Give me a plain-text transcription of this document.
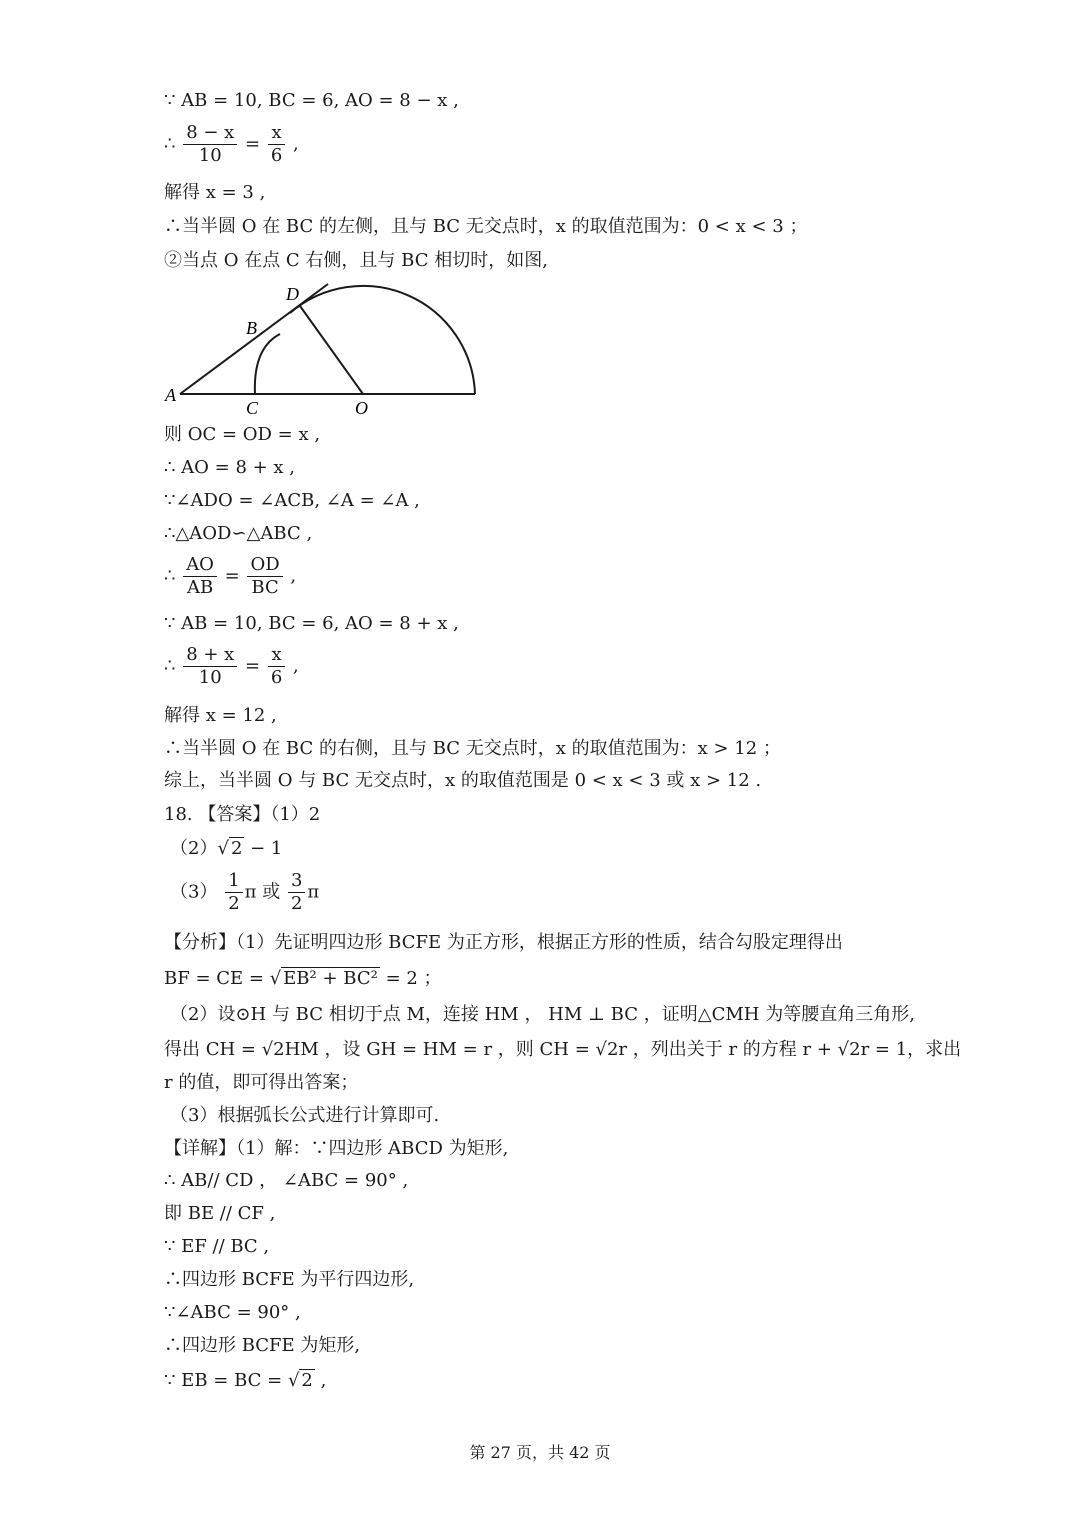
∵ AB = 10, BC = 6, AO = 8 − x ,
∴ $\frac{8 - x}{10} = \frac{x}{6}$ ,
解得 x = 3 ,
∴当半圆 O 在 BC 的左侧，且与 BC 无交点时，x 的取值范围为：0 < x < 3 ；
②当点 O 在点 C 右侧，且与 BC 相切时，如图,
A
B
C
D
O
则 OC = OD = x ,
∴ AO = 8 + x ,
∵∠ADO = ∠ACB, ∠A = ∠A ,
∴△AOD∽△ABC ,
∴ $\frac{AO}{AB} = \frac{OD}{BC}$ ,
∵ AB = 10, BC = 6, AO = 8 + x ,
∴ $\frac{8 + x}{10} = \frac{x}{6}$ ,
解得 x = 12 ,
∴当半圆 O 在 BC 的右侧，且与 BC 无交点时，x 的取值范围为：x > 12 ；
综上，当半圆 O 与 BC 无交点时，x 的取值范围是 0 < x < 3 或 x > 12 .
18. 【答案】（1）2
（2）√ 2 − 1
$(3) \frac{1}{2}$ π 或 $\frac{3}{2}$ π
【分析】（1）先证明四边形 BCFE 为正方形，根据正方形的性质，结合勾股定理得出
BF = CE = √ EB² + BC² = 2 ；
（2）设⊙H 与 BC 相切于点 M，连接 HM ， HM ⊥ BC ，证明△CMH 为等腰直角三角形,
得出 CH = √2HM ，设 GH = HM = r ，则 CH = √2r ，列出关于 r 的方程 r + √2r = 1，求出
r 的值，即可得出答案；
（3）根据弧长公式进行计算即可.
【详解】（1）解：∵四边形 ABCD 为矩形,
∴ AB// CD ， ∠ABC = 90° ,
即 BE // CF ,
∵ EF // BC ,
∴四边形 BCFE 为平行四边形,
∵∠ABC = 90° ,
∴四边形 BCFE 为矩形,
∵ EB = BC = √ 2 ,
第 27 页，共 42 页
